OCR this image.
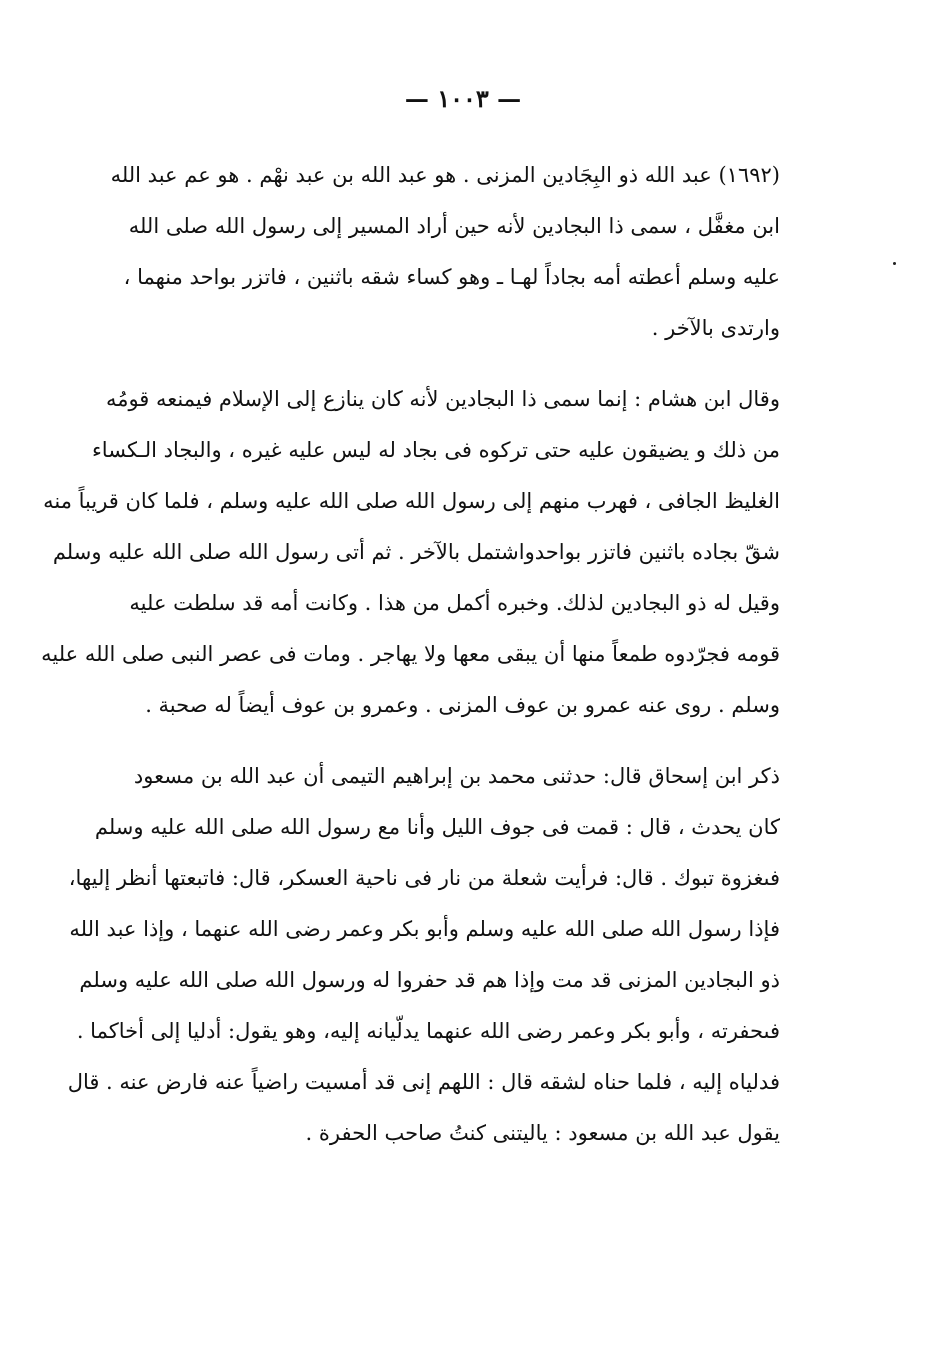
— ١٠٠٣ —

(١٦٩٢) عبد الله ذو البِجَادين المزنى . هو عبد الله بن عبد نهْم . هو عم عبد الله
ابن مغفَّل ، سمى ذا البجادين لأنه حين أراد المسير إلى رسول الله صلى الله
عليه وسلم أعطته أمه بجاداً لهـا ـ وهو كساء شقه باثنين ، فاتزر بواحد منهما ،
وارتدى بالآخر .

وقال ابن هشام : إنما سمى ذا البجادين لأنه كان ينازع إلى الإسلام فيمنعه قومُه
من ذلك و يضيقون عليه حتى تركوه فى بجاد له ليس عليه غيره ، والبجاد الـكساء
الغليظ الجافى ، فهرب منهم إلى رسول الله صلى الله عليه وسلم ، فلما كان قريباً منه
شقّ بجاده باثنين فاتزر بواحدواشتمل بالآخر . ثم أتى رسول الله صلى الله عليه وسلم
وقيل له ذو البجادين لذلك. وخبره أكمل من هذا . وكانت أمه قد سلطت عليه
قومه فجرّدوه طمعاً منها أن يبقى معها ولا يهاجر . ومات فى عصر النبى صلى الله عليه
وسلم . روى عنه عمرو بن عوف المزنى . وعمرو بن عوف أيضاً له صحبة .

ذكر ابن إسحاق قال: حدثنى محمد بن إبراهيم التيمى أن عبد الله بن مسعود
كان يحدث ، قال : قمت فى جوف الليل وأنا مع رسول الله صلى الله عليه وسلم
فىغزوة تبوك . قال: فرأيت شعلة من نار فى ناحية العسكر، قال: فاتبعتها أنظر إليها،
فإذا رسول الله صلى الله عليه وسلم وأبو بكر وعمر رضى الله عنهما ، وإذا عبد الله
ذو البجادين المزنى قد مت وإذا هم قد حفروا له ورسول الله صلى الله عليه وسلم
فىحفرته ، وأبو بكر وعمر رضى الله عنهما يدلّيانه إليه، وهو يقول: أدليا إلى أخاكما .
فدلياه إليه ، فلما حناه لشقه قال : اللهم إنى قد أمسيت راضياً عنه فارض عنه . قال
يقول عبد الله بن مسعود : ياليتنى كنتُ صاحب الحفرة .
